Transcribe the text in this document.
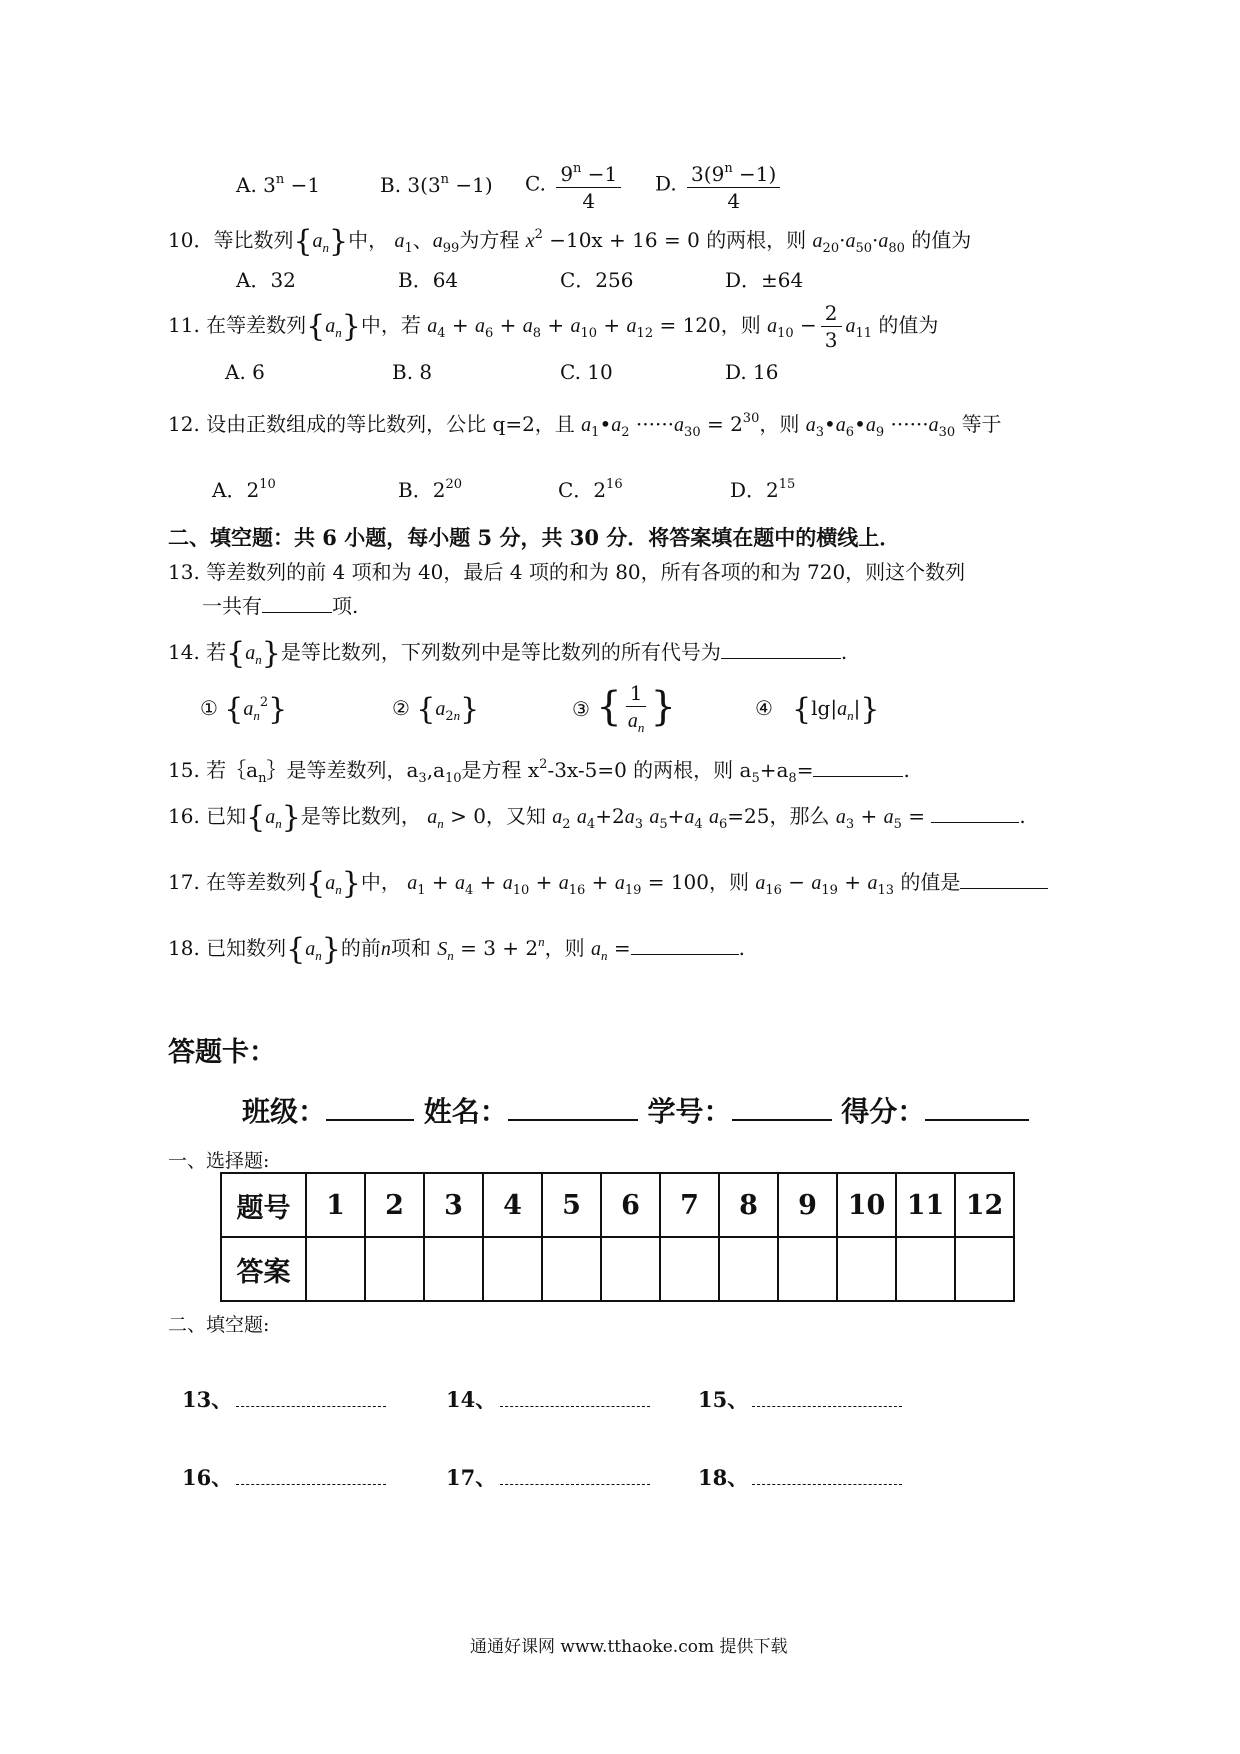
A. $3^n -1$	B. $3(3^n -1)$ C. $\frac{9^n -1}{4} D$. $\frac{3(9^n -1)}{4}$
10．等比数列$\{a_n\}$中， $a_1$、$a_{99}$为方程 $x^2 -10x + 16 = 0$ 的两根，则 $a_{20}\cdot a_{50}\cdot a_{80}$ 的值为
A．32	B．64	C．256	D．±64
11. 在等差数列$\{a_n\}$中，若 $a_4 + a_6 + a_8 + a_{10} + a_{12} = 120$，则 $a_{10} - \frac{2}{3} a_{11}$ 的值为
A. 6	B. 8	C. 10	D. 16
12. 设由正数组成的等比数列，公比 q=2，且 $a_1•a_2 \cdot\cdot\cdot\cdot\cdot\cdot a_{30} = 2^{30}$，则 $a_3•a_6•a_9 \cdot\cdot\cdot\cdot\cdot\cdot a_{30}$ 等于
A．$2^{10}$	B．$2^{20}$	C．$2^{16}$	D．$2^{15}$
二、填空题：共 6 小题，每小题 5 分，共 30 分．将答案填在题中的横线上．
13. 等差数列的前 4 项和为 40，最后 4 项的和为 80，所有各项的和为 720，则这个数列
一共有	项.
14. 若$\{a_n\}$是等比数列，下列数列中是等比数列的所有代号为	.
① $\{a_n^2\}$	② $\{a_{2n}\}$	③ { $\frac{1}{a_n}$ }	④ $\{\lg|a_n|\}$
15. 若$\{a_n\}$是等差数列，$a_3,a_{10}$是方程 $x^2-3x-5=0$ 的两根，则 $a_5+a_8=$	.
16. 已知$\{a_n\}$是等比数列， $a_n > 0$，又知 $a_2$ $a_4+2a_3$ $a_5+a_4$ $a_6=25$，那么 $a_3 + a_5$ =	.
17. 在等差数列$\{a_n\}$中， $a_1 + a_4 + a_{10} + a_{16} + a_{19} = 100$，则 $a_{16} - a_{19} + a_{13}$ 的值是
18. 已知数列$\{a_n\}$的前n项和 $S_n = 3 + 2^n$，则 $a_n$ =	.
答题卡：
班级：	姓名：	学号：	得分：
一、选择题:
题号	1	2	3	4	5	6	7	8	9	10	11	12
答案												
二、填空题:
13、	14、	15、
16、	17、	18、
通通好课网 www.tthaoke.com 提供下载
